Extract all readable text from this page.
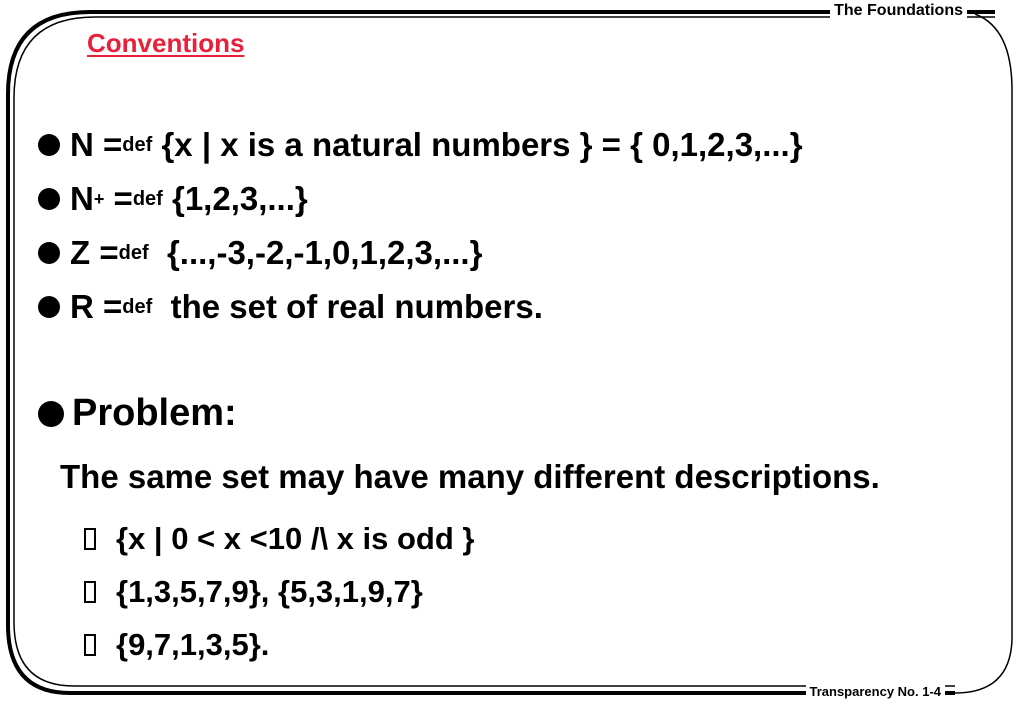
The Foundations
Conventions
N = def {x | x is a natural numbers } = { 0,1,2,3,...}
N + = def {1,2,3,...}
Z = def {...,-3,-2,-1,0,1,2,3,...}
R = def the set of real numbers.
Problem:
The same set may have many different descriptions.
{x | 0 < x <10 /\ x is odd }
{1,3,5,7,9}, {5,3,1,9,7}
{9,7,1,3,5}.
Transparency No. 1-4
